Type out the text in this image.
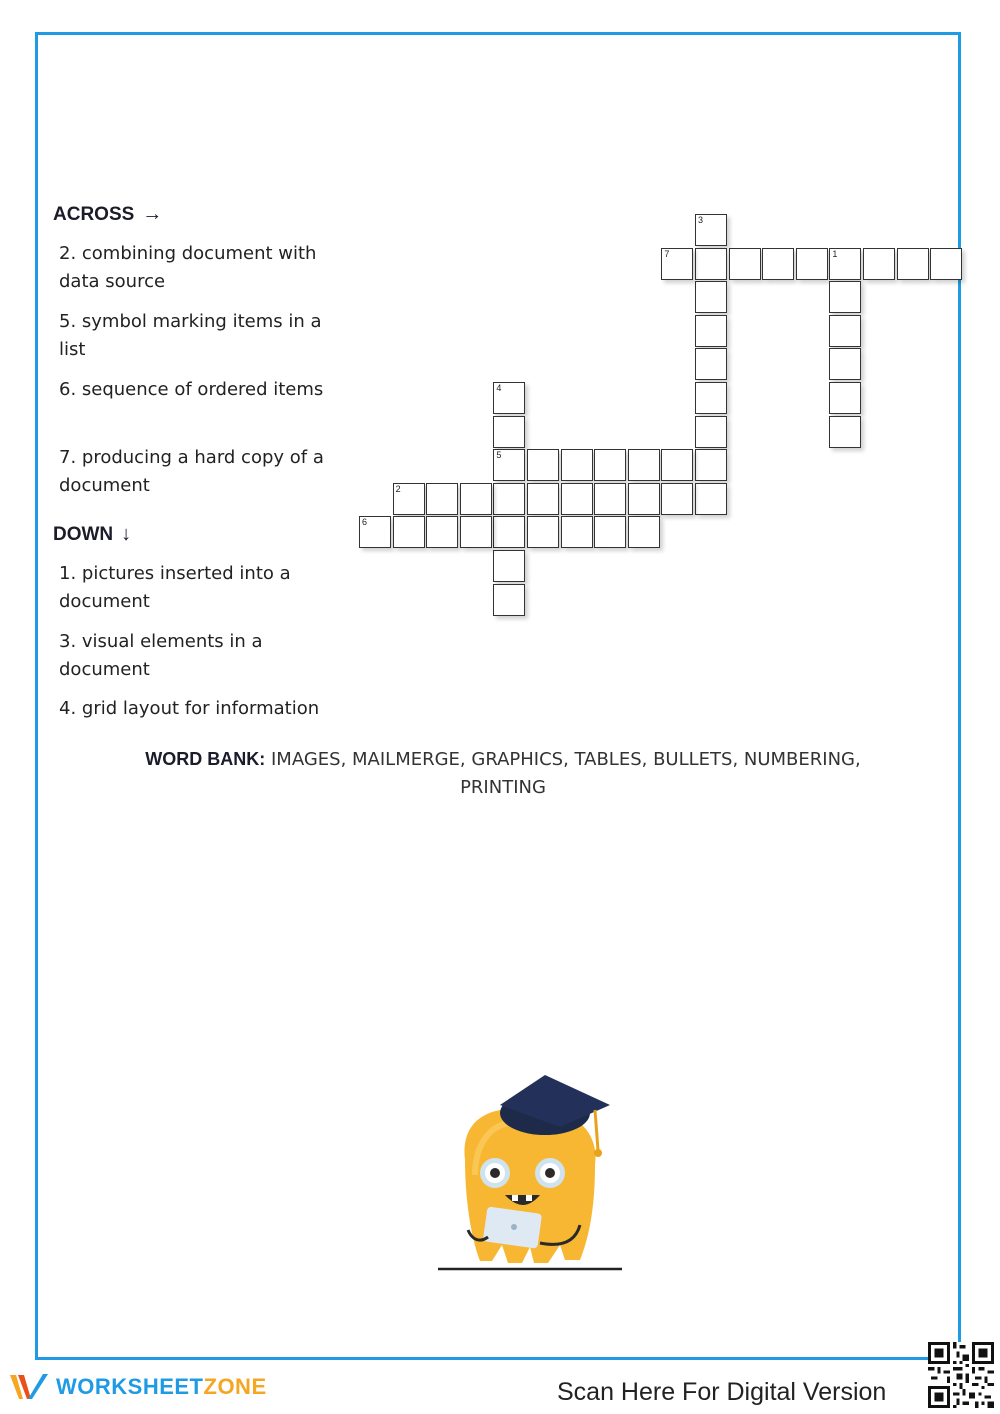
ACROSS →
2. combining document with data source
5. symbol marking items in a list
6. sequence of ordered items
7. producing a hard copy of a document
DOWN ↓
1. pictures inserted into a document
3. visual elements in a document
4. grid layout for information
3
7	1
4
5
2
6
WORD BANK: IMAGES, MAILMERGE, GRAPHICS, TABLES, BULLETS, NUMBERING, PRINTING
WORKSHEETZONE	Scan Here For Digital Version
